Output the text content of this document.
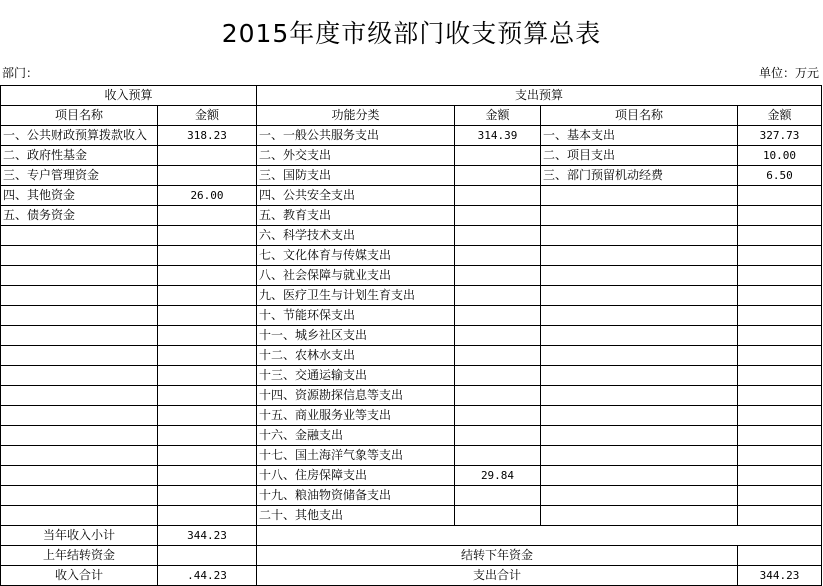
2015年度市级部门收支预算总表
部门：	单位：万元
收入预算		支出预算			
项目名称	金额	功能分类	金额	项目名称	金额
一、公共财政预算拨款收入	318.23	一、一般公共服务支出	314.39	一、基本支出	327.73
二、政府性基金		二、外交支出		二、项目支出	10.00
三、专户管理资金		三、国防支出		三、部门预留机动经费	6.50
四、其他资金	26.00	四、公共安全支出			
五、债务资金		五、教育支出			
		六、科学技术支出			
		七、文化体育与传媒支出			
		八、社会保障与就业支出			
		九、医疗卫生与计划生育支出			
		十、节能环保支出			
		十一、城乡社区支出			
		十二、农林水支出			
		十三、交通运输支出			
		十四、资源勘探信息等支出			
		十五、商业服务业等支出			
		十六、金融支出			
		十七、国土海洋气象等支出			
		十八、住房保障支出	29.84		
		十九、粮油物资储备支出			
		二十、其他支出			
当年收入小计	344.23				
上年结转资金		结转下年资金			
收入合计	.44.23	支出合计			344.23
